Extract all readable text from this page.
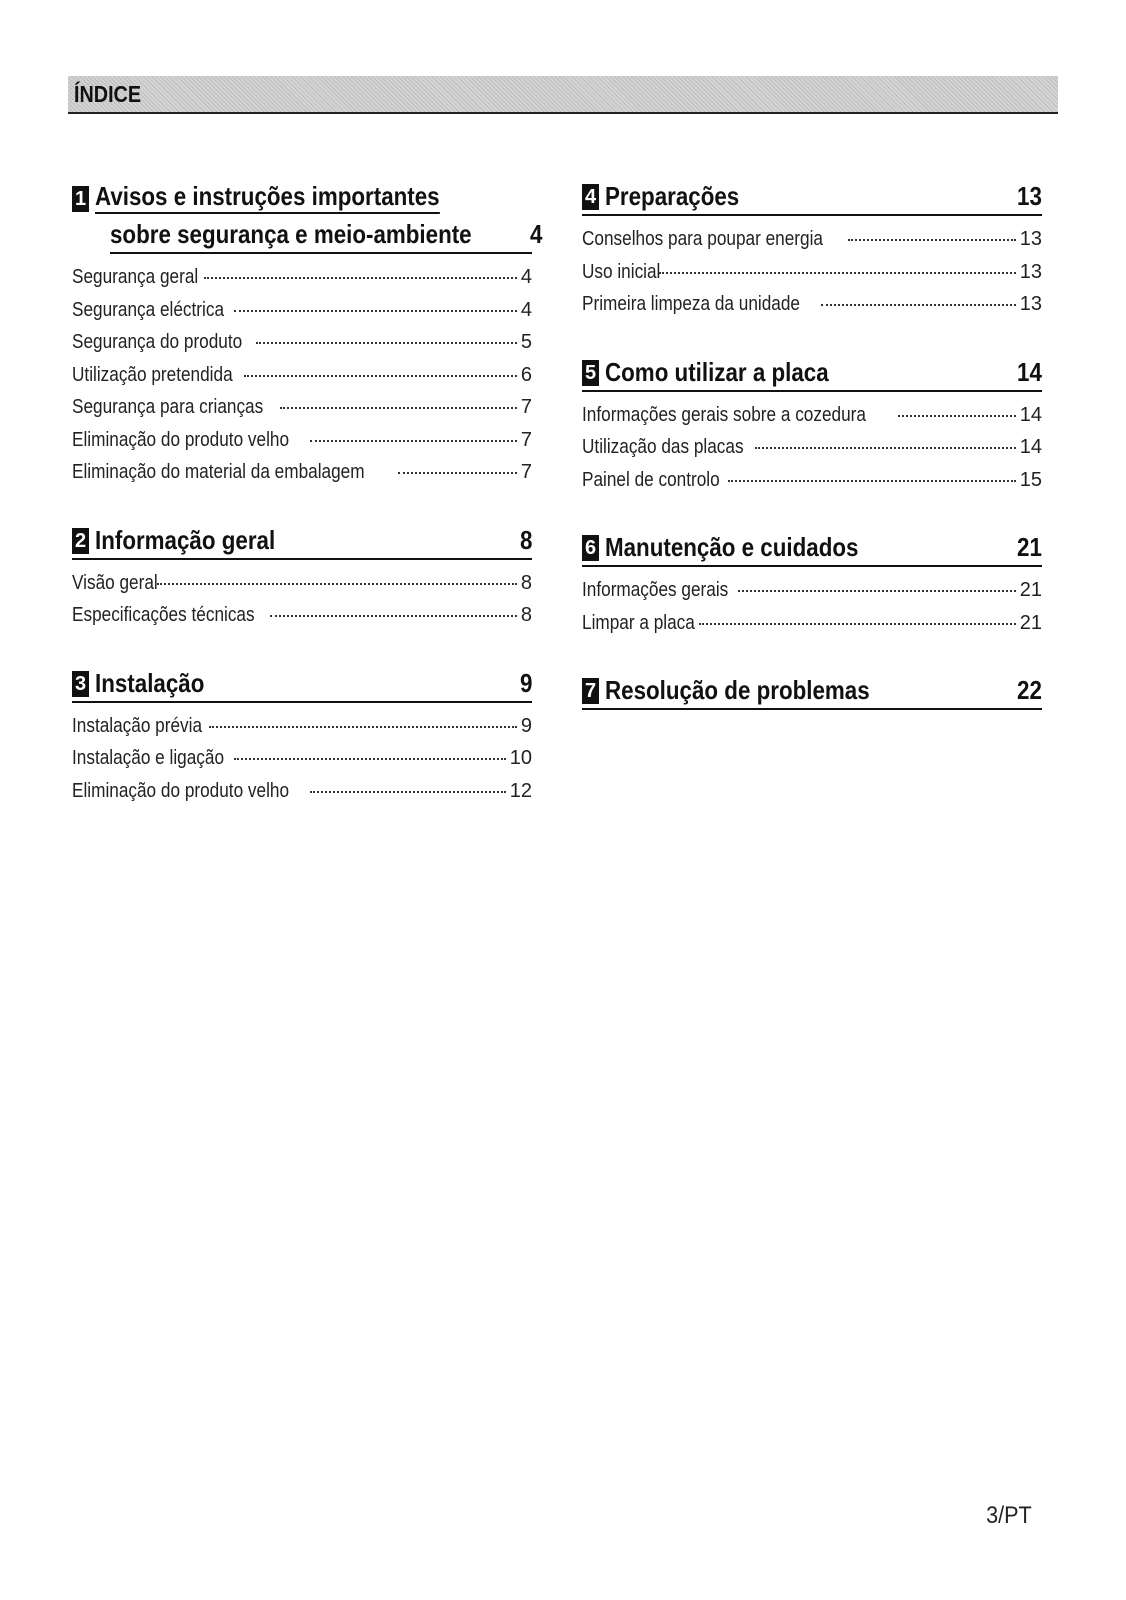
ÍNDICE
1 Avisos e instruções importantes
sobre segurança e meio-ambiente 4
Segurança geral	4
Segurança eléctrica	4
Segurança do produto	5
Utilização pretendida	6
Segurança para crianças	7
Eliminação do produto velho	7
Eliminação do material da embalagem	7
2 Informação geral	8
Visão geral	8
Especificações técnicas	8
3 Instalação	9
Instalação prévia	9
Instalação e ligação	10
Eliminação do produto velho	12
4 Preparações	13
Conselhos para poupar energia	13
Uso inicial	13
Primeira limpeza da unidade	13
5 Como utilizar a placa	14
Informações gerais sobre a cozedura	14
Utilização das placas	14
Painel de controlo	15
6 Manutenção e cuidados	21
Informações gerais	21
Limpar a placa	21
7 Resolução de problemas	22
3/PT
